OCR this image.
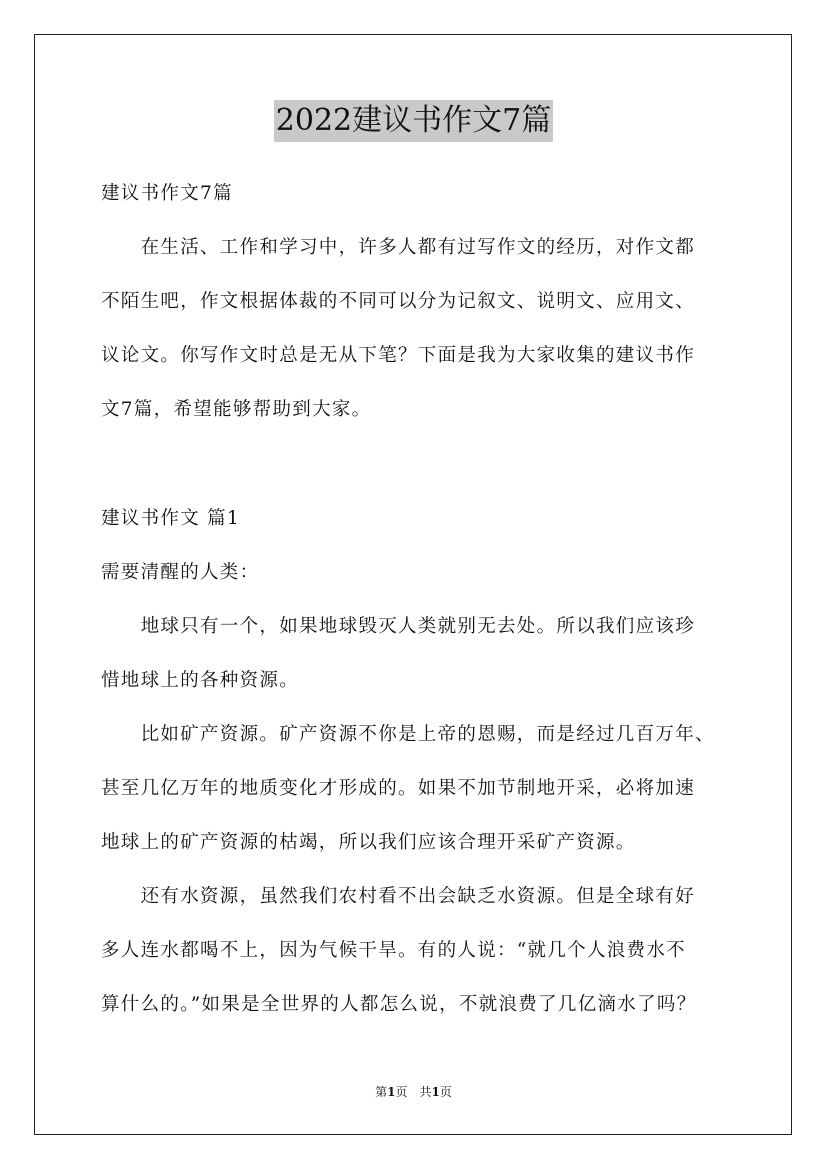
2022建议书作文7篇
建议书作文7篇
　　在生活、工作和学习中，许多人都有过写作文的经历，对作文都
不陌生吧，作文根据体裁的不同可以分为记叙文、说明文、应用文、
议论文。你写作文时总是无从下笔？下面是我为大家收集的建议书作
文7篇，希望能够帮助到大家。
建议书作文 篇1
需要清醒的人类：
　　地球只有一个，如果地球毁灭人类就别无去处。所以我们应该珍
惜地球上的各种资源。
　　比如矿产资源。矿产资源不你是上帝的恩赐，而是经过几百万年、
甚至几亿万年的地质变化才形成的。如果不加节制地开采，必将加速
地球上的矿产资源的枯竭，所以我们应该合理开采矿产资源。
　　还有水资源，虽然我们农村看不出会缺乏水资源。但是全球有好
多人连水都喝不上，因为气候干旱。有的人说：“就几个人浪费水不
算什么的。”如果是全世界的人都怎么说，不就浪费了几亿滴水了吗？
第1页　共1页
